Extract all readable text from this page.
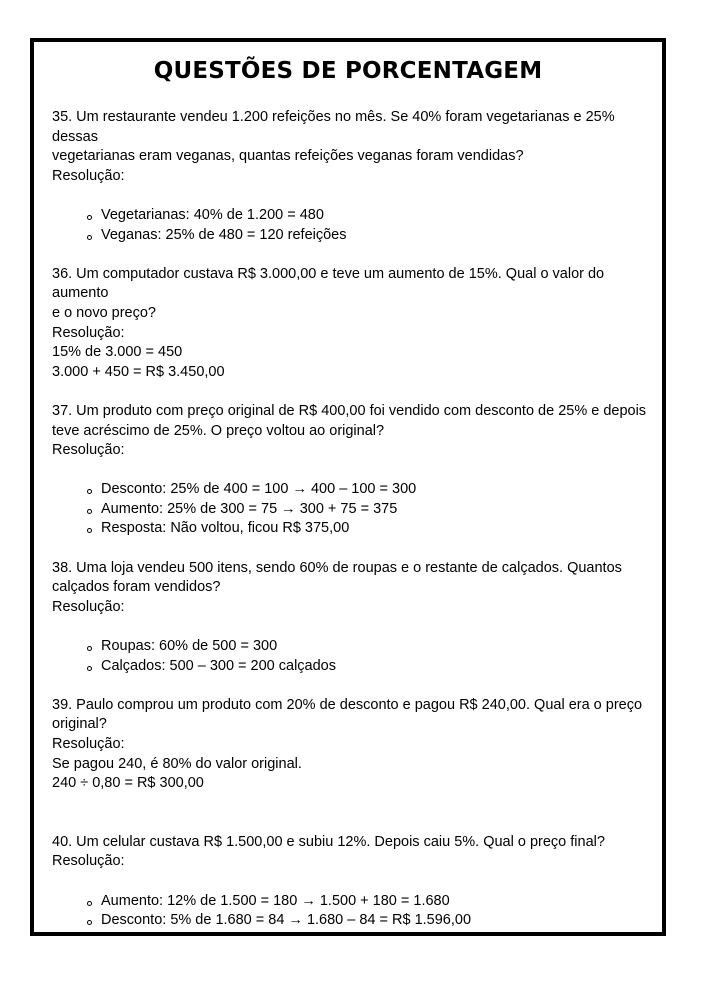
QUESTÕES DE PORCENTAGEM
35. Um restaurante vendeu 1.200 refeições no mês. Se 40% foram vegetarianas e 25% dessas
vegetarianas eram veganas, quantas refeições veganas foram vendidas?
Resolução:
Vegetarianas: 40% de 1.200 = 480
Veganas: 25% de 480 = 120 refeições
36. Um computador custava R$ 3.000,00 e teve um aumento de 15%. Qual o valor do aumento
e o novo preço?
Resolução:
15% de 3.000 = 450
3.000 + 450 = R$ 3.450,00
37. Um produto com preço original de R$ 400,00 foi vendido com desconto de 25% e depois
teve acréscimo de 25%. O preço voltou ao original?
Resolução:
Desconto: 25% de 400 = 100 → 400 – 100 = 300
Aumento: 25% de 300 = 75 → 300 + 75 = 375
Resposta: Não voltou, ficou R$ 375,00
38. Uma loja vendeu 500 itens, sendo 60% de roupas e o restante de calçados. Quantos
calçados foram vendidos?
Resolução:
Roupas: 60% de 500 = 300
Calçados: 500 – 300 = 200 calçados
39. Paulo comprou um produto com 20% de desconto e pagou R$ 240,00. Qual era o preço
original?
Resolução:
Se pagou 240, é 80% do valor original.
240 ÷ 0,80 = R$ 300,00
40. Um celular custava R$ 1.500,00 e subiu 12%. Depois caiu 5%. Qual o preço final?
Resolução:
Aumento: 12% de 1.500 = 180 → 1.500 + 180 = 1.680
Desconto: 5% de 1.680 = 84 → 1.680 – 84 = R$ 1.596,00
